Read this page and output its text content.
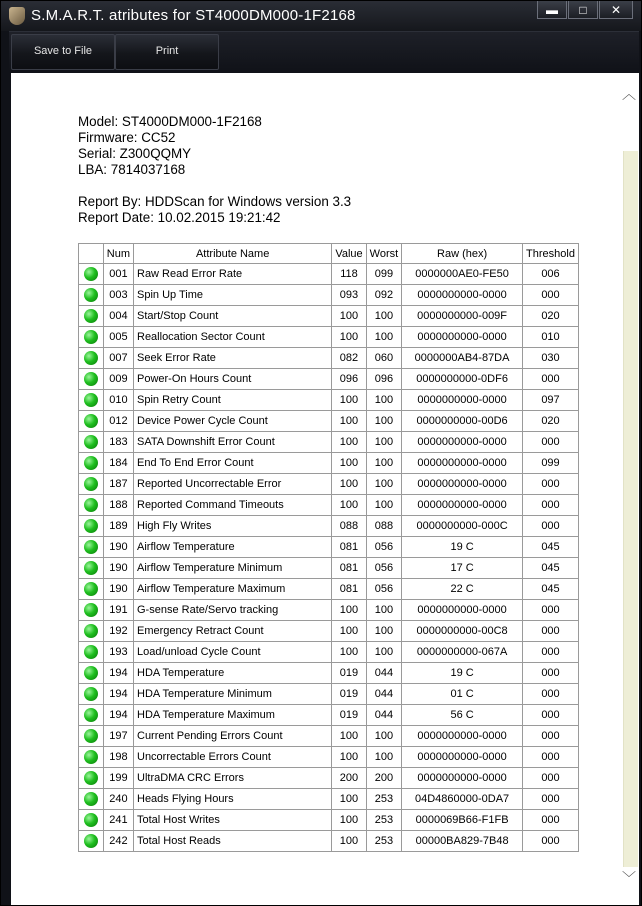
S.M.A.R.T. atributes for ST4000DM000-1F2168	▬	□	✕
Save to File	Print
Model: ST4000DM000-1F2168
Firmware: CC52
Serial: Z300QQMY
LBA: 7814037168
Report By: HDDScan for Windows version 3.3
Report Date: 10.02.2015 19:21:42
	Num	Attribute Name	Value	Worst	Raw (hex)	Threshold
	001	Raw Read Error Rate	118	099	0000000AE0-FE50	006
	003	Spin Up Time	093	092	0000000000-0000	000
	004	Start/Stop Count	100	100	0000000000-009F	020
	005	Reallocation Sector Count	100	100	0000000000-0000	010
	007	Seek Error Rate	082	060	0000000AB4-87DA	030
	009	Power-On Hours Count	096	096	0000000000-0DF6	000
	010	Spin Retry Count	100	100	0000000000-0000	097
	012	Device Power Cycle Count	100	100	0000000000-00D6	020
	183	SATA Downshift Error Count	100	100	0000000000-0000	000
	184	End To End Error Count	100	100	0000000000-0000	099
	187	Reported Uncorrectable Error	100	100	0000000000-0000	000
	188	Reported Command Timeouts	100	100	0000000000-0000	000
	189	High Fly Writes	088	088	0000000000-000C	000
	190	Airflow Temperature	081	056	19 C	045
	190	Airflow Temperature Minimum	081	056	17 C	045
	190	Airflow Temperature Maximum	081	056	22 C	045
	191	G-sense Rate/Servo tracking	100	100	0000000000-0000	000
	192	Emergency Retract Count	100	100	0000000000-00C8	000
	193	Load/unload Cycle Count	100	100	0000000000-067A	000
	194	HDA Temperature	019	044	19 C	000
	194	HDA Temperature Minimum	019	044	01 C	000
	194	HDA Temperature Maximum	019	044	56 C	000
	197	Current Pending Errors Count	100	100	0000000000-0000	000
	198	Uncorrectable Errors Count	100	100	0000000000-0000	000
	199	UltraDMA CRC Errors	200	200	0000000000-0000	000
	240	Heads Flying Hours	100	253	04D4860000-0DA7	000
	241	Total Host Writes	100	253	0000069B66-F1FB	000
	242	Total Host Reads	100	253	00000BA829-7B48	000
︿
﹀
